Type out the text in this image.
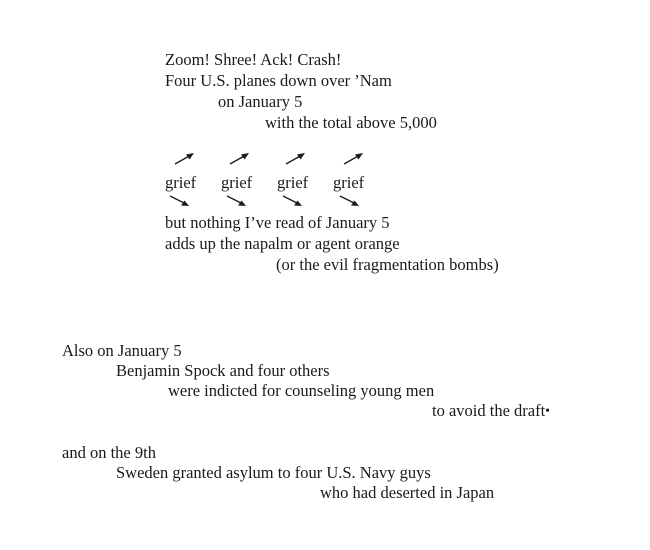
Zoom! Shree! Ack! Crash!
Four U.S. planes down over ’Nam
on January 5
with the total above 5,000
grief grief grief grief
but nothing I’ve read of January 5
adds up the napalm or agent orange
(or the evil fragmentation bombs)
Also on January 5
Benjamin Spock and four others
were indicted for counseling young men
to avoid the draft•
and on the 9th
Sweden granted asylum to four U.S. Navy guys
who had deserted in Japan
